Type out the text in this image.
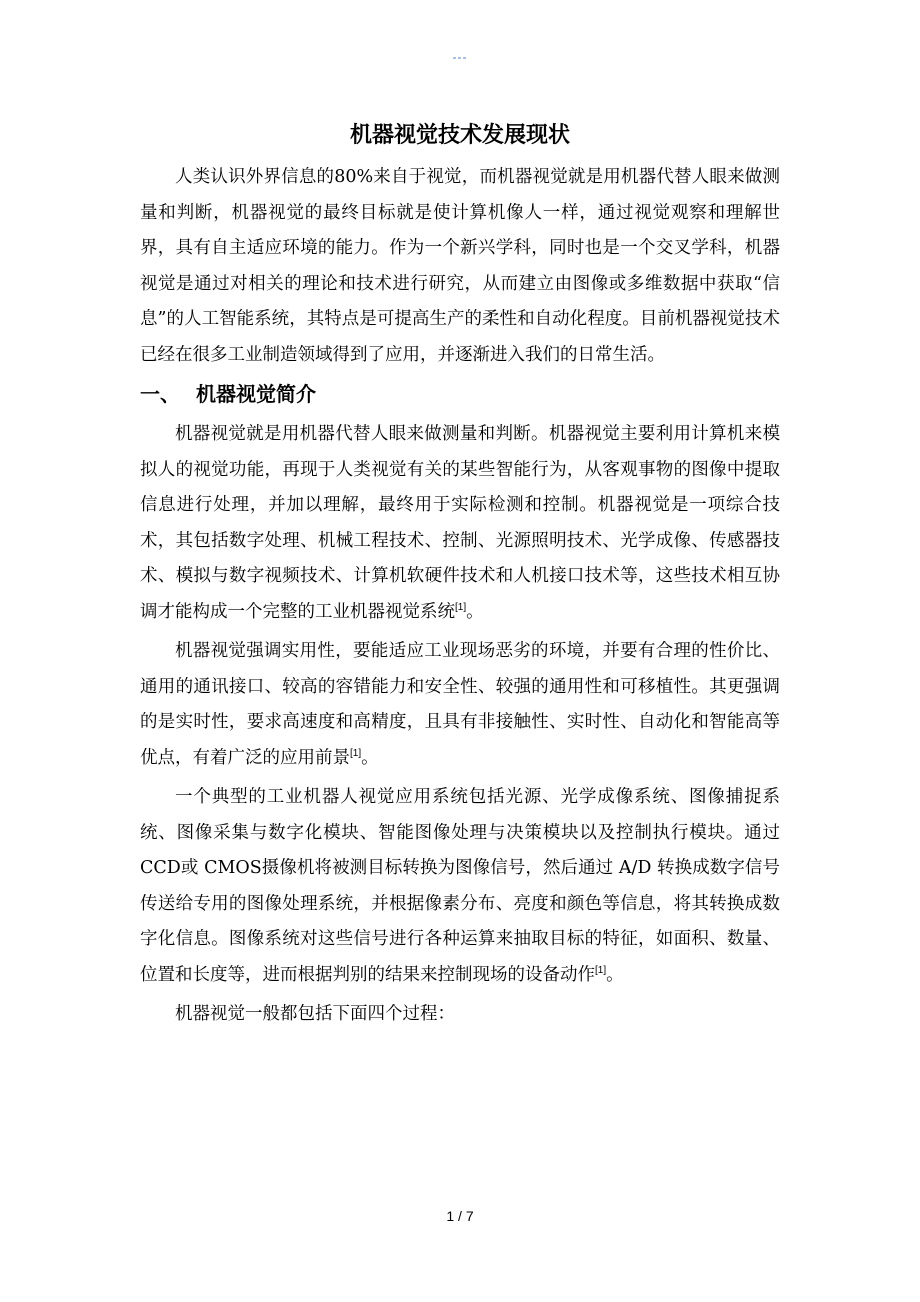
---
机器视觉技术发展现状

人类认识外界信息的80%来自于视觉，而机器视觉就是用机器代替人眼来做测量和判断，机器视觉的最终目标就是使计算机像人一样，通过视觉观察和理解世界，具有自主适应环境的能力。作为一个新兴学科，同时也是一个交叉学科，机器视觉是通过对相关的理论和技术进行研究，从而建立由图像或多维数据中获取“信息”的人工智能系统，其特点是可提高生产的柔性和自动化程度。目前机器视觉技术已经在很多工业制造领域得到了应用，并逐渐进入我们的日常生活。

一、 机器视觉简介

机器视觉就是用机器代替人眼来做测量和判断。机器视觉主要利用计算机来模拟人的视觉功能，再现于人类视觉有关的某些智能行为，从客观事物的图像中提取信息进行处理，并加以理解，最终用于实际检测和控制。机器视觉是一项综合技术，其包括数字处理、机械工程技术、控制、光源照明技术、光学成像、传感器技术、模拟与数字视频技术、计算机软硬件技术和人机接口技术等，这些技术相互协调才能构成一个完整的工业机器视觉系统[1]。

机器视觉强调实用性，要能适应工业现场恶劣的环境，并要有合理的性价比、通用的通讯接口、较高的容错能力和安全性、较强的通用性和可移植性。其更强调的是实时性，要求高速度和高精度，且具有非接触性、实时性、自动化和智能高等优点，有着广泛的应用前景[1]。

一个典型的工业机器人视觉应用系统包括光源、光学成像系统、图像捕捉系统、图像采集与数字化模块、智能图像处理与决策模块以及控制执行模块。通过CCD或 CMOS摄像机将被测目标转换为图像信号，然后通过 A/D 转换成数字信号传送给专用的图像处理系统，并根据像素分布、亮度和颜色等信息，将其转换成数字化信息。图像系统对这些信号进行各种运算来抽取目标的特征，如面积、数量、位置和长度等，进而根据判别的结果来控制现场的设备动作[1]。

机器视觉一般都包括下面四个过程：

1 / 7
